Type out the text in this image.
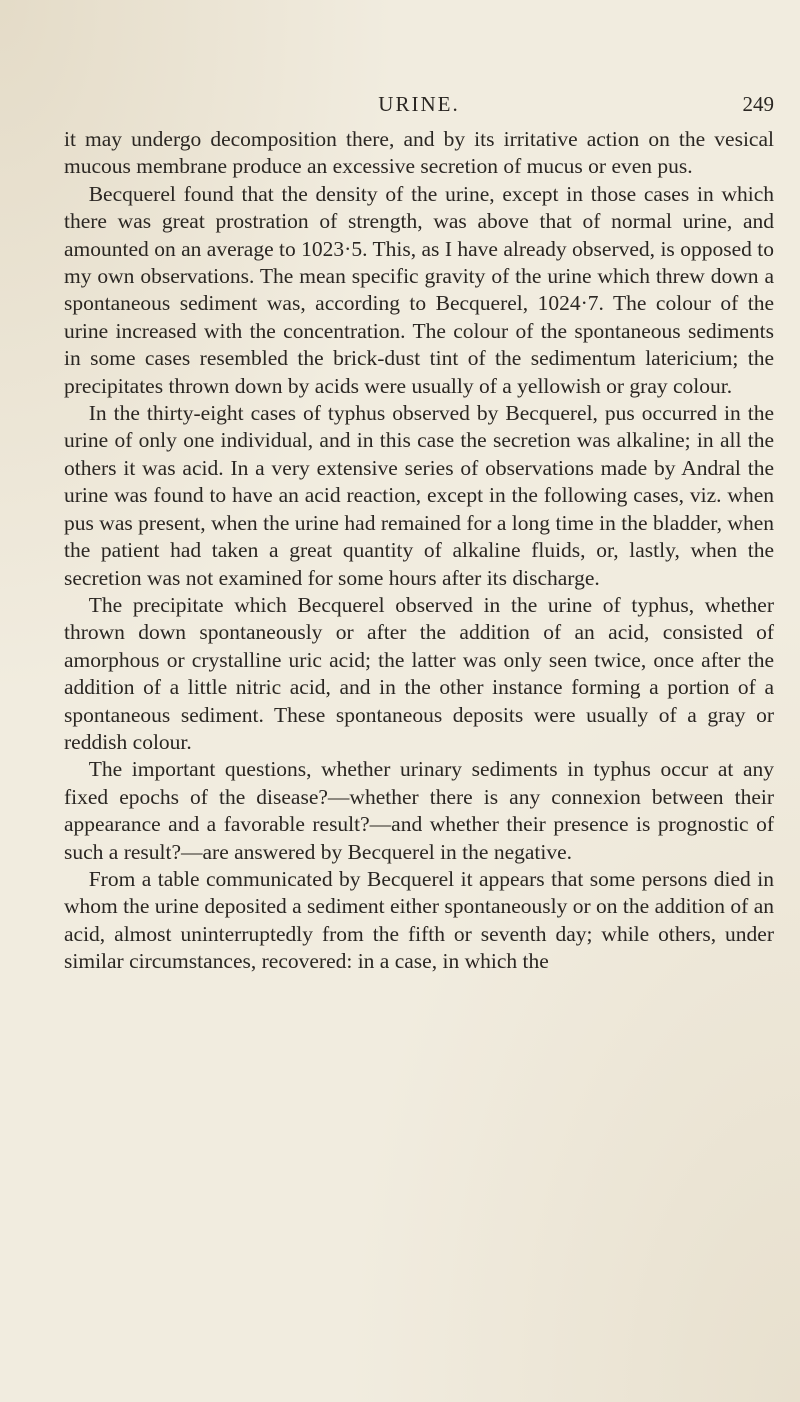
URINE.	249

it may undergo decomposition there, and by its irritative action on the vesical mucous membrane produce an excessive secretion of mucus or even pus.

Becquerel found that the density of the urine, except in those cases in which there was great prostration of strength, was above that of normal urine, and amounted on an average to 1023·5. This, as I have already observed, is opposed to my own observations. The mean specific gravity of the urine which threw down a spontaneous sediment was, according to Becquerel, 1024·7. The colour of the urine increased with the concentration. The colour of the spontaneous sediments in some cases resembled the brick-dust tint of the sedimentum latericium; the precipitates thrown down by acids were usually of a yellowish or gray colour.

In the thirty-eight cases of typhus observed by Becquerel, pus occurred in the urine of only one individual, and in this case the secretion was alkaline; in all the others it was acid. In a very extensive series of observations made by Andral the urine was found to have an acid reaction, except in the following cases, viz. when pus was present, when the urine had remained for a long time in the bladder, when the patient had taken a great quantity of alkaline fluids, or, lastly, when the secretion was not examined for some hours after its discharge.

The precipitate which Becquerel observed in the urine of typhus, whether thrown down spontaneously or after the addition of an acid, consisted of amorphous or crystalline uric acid; the latter was only seen twice, once after the addition of a little nitric acid, and in the other instance forming a portion of a spontaneous sediment. These spontaneous deposits were usually of a gray or reddish colour.

The important questions, whether urinary sediments in typhus occur at any fixed epochs of the disease?—whether there is any connexion between their appearance and a favorable result?—and whether their presence is prognostic of such a result?—are answered by Becquerel in the negative.

From a table communicated by Becquerel it appears that some persons died in whom the urine deposited a sediment either spontaneously or on the addition of an acid, almost uninterruptedly from the fifth or seventh day; while others, under similar circumstances, recovered: in a case, in which the
